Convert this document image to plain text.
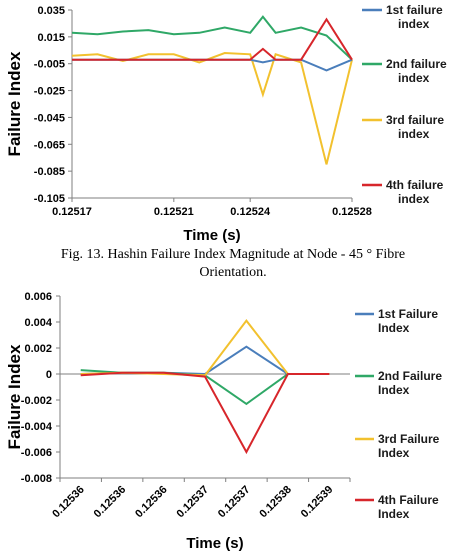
0.035
0.015
-0.005
-0.025
-0.045
-0.065
-0.085
-0.105
0.12517	0.12521	0.12524	0.12528
Time (s)
Failure Index
1st failure
index
2nd failure
index
3rd failure
index
4th failure
index
Fig. 13. Hashin Failure Index Magnitude at Node - 45 ° Fibre
Orientation.
0.006
0.004
0.002
0
-0.002
-0.004
-0.006
-0.008
0.12536 0.12536 0.12536 0.12537 0.12537 0.12538 0.12539
Time (s)
Failure Index
1st Failure
Index
2nd Failure
Index
3rd Failure
Index
4th Failure
Index
